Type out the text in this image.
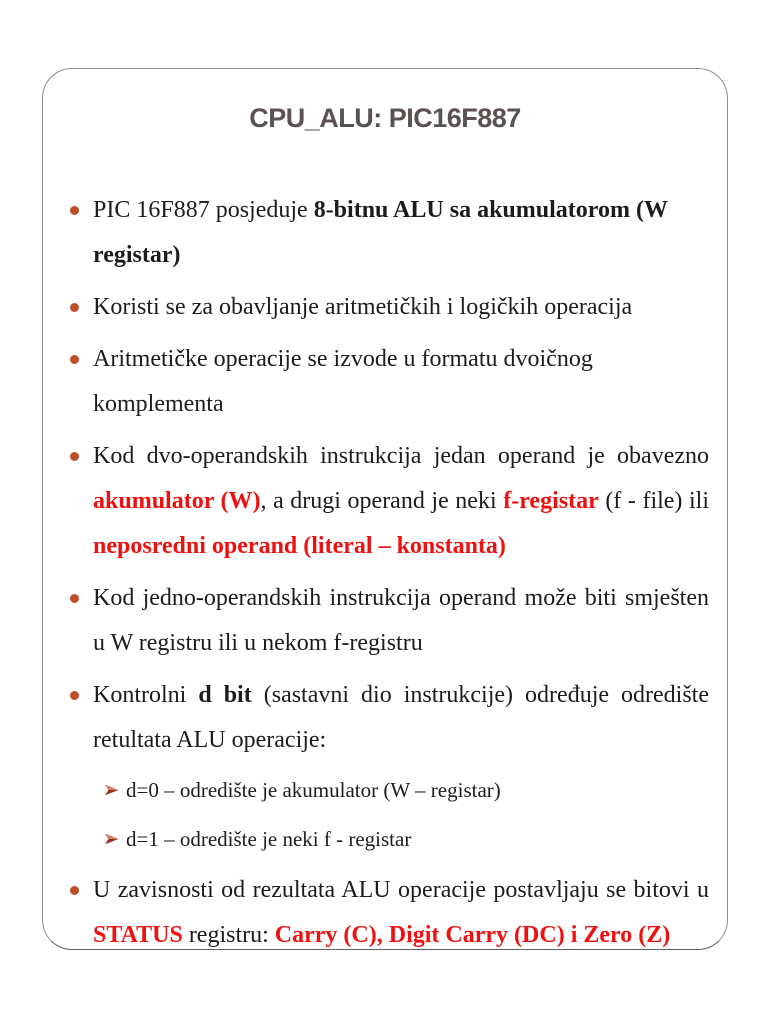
CPU_ALU: PIC16F887
PIC 16F887 posjeduje 8-bitnu ALU sa akumulatorom (W registar)
Koristi se za obavljanje aritmetičkih i logičkih operacija
Aritmetičke operacije se izvode u formatu dvoičnog komplementa
Kod dvo-operandskih instrukcija jedan operand je obavezno akumulator (W), a drugi operand je neki f-registar (f - file) ili neposredni operand (literal – konstanta)
Kod jedno-operandskih instrukcija operand može biti smješten u W registru ili u nekom f-registru
Kontrolni d bit (sastavni dio instrukcije) određuje odredište retultata ALU operacije:
d=0 – odredište je akumulator (W – registar)
d=1 – odredište je neki f - registar
U zavisnosti od rezultata ALU operacije postavljaju se bitovi u STATUS registru: Carry (C), Digit Carry (DC) i Zero (Z)
